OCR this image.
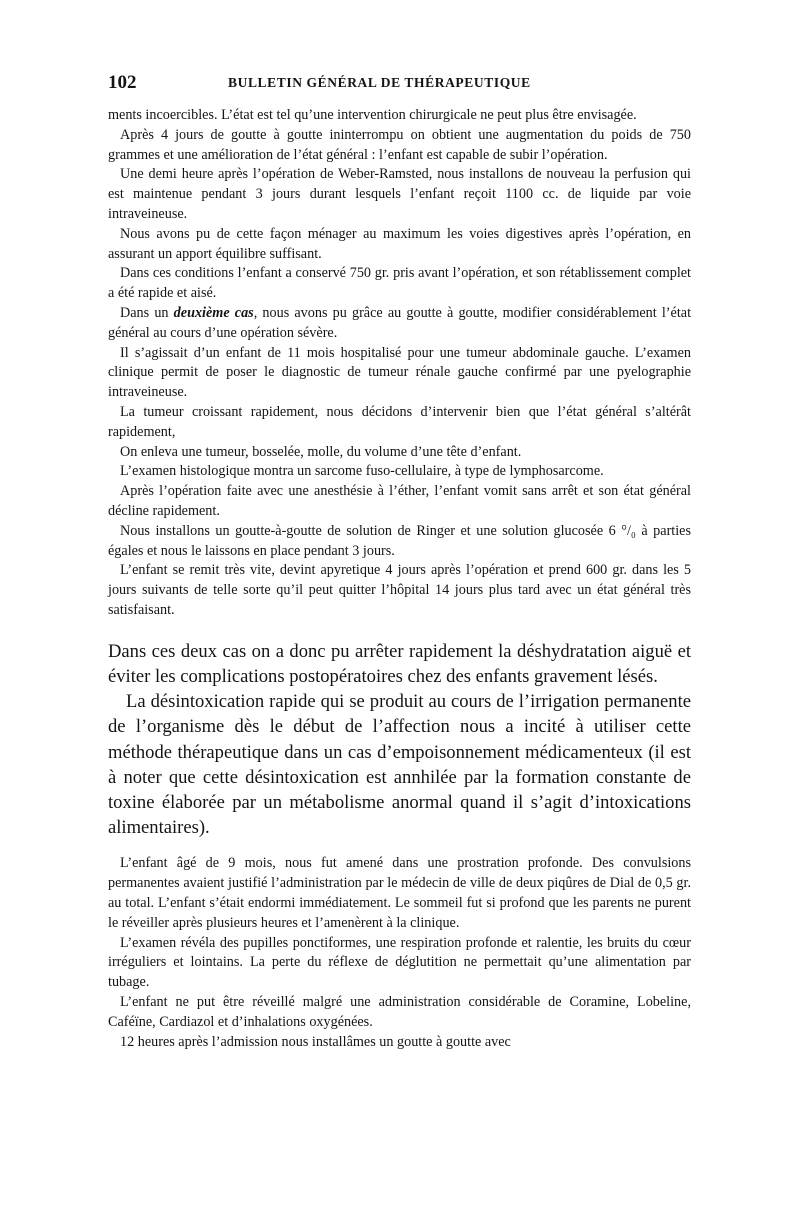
102	BULLETIN GÉNÉRAL DE THÉRAPEUTIQUE

ments incoercibles. L’état est tel qu’une intervention chirurgicale ne peut plus être envisagée.

Après 4 jours de goutte à goutte ininterrompu on obtient une augmentation du poids de 750 grammes et une amélioration de l’état général : l’enfant est capable de subir l’opération.

Une demi heure après l’opération de Weber-Ramsted, nous installons de nouveau la perfusion qui est maintenue pendant 3 jours durant lesquels l’enfant reçoit 1100 cc. de liquide par voie intraveineuse.

Nous avons pu de cette façon ménager au maximum les voies digestives après l’opération, en assurant un apport équilibre suffisant.

Dans ces conditions l’enfant a conservé 750 gr. pris avant l’opération, et son rétablissement complet a été rapide et aisé.

Dans un deuxième cas, nous avons pu grâce au goutte à goutte, modifier considérablement l’état général au cours d’une opération sévère.

Il s’agissait d’un enfant de 11 mois hospitalisé pour une tumeur abdominale gauche. L’examen clinique permit de poser le diagnostic de tumeur rénale gauche confirmé par une pyelographie intraveineuse.

La tumeur croissant rapidement, nous décidons d’intervenir bien que l’état général s’altérât rapidement,

On enleva une tumeur, bosselée, molle, du volume d’une tête d’enfant.

L’examen histologique montra un sarcome fuso-cellulaire, à type de lymphosarcome.

Après l’opération faite avec une anesthésie à l’éther, l’enfant vomit sans arrêt et son état général décline rapidement.

Nous installons un goutte-à-goutte de solution de Ringer et une solution glucosée 6 °/₀ à parties égales et nous le laissons en place pendant 3 jours.

L’enfant se remit très vite, devint apyretique 4 jours après l’opération et prend 600 gr. dans les 5 jours suivants de telle sorte qu’il peut quitter l’hôpital 14 jours plus tard avec un état général très satisfaisant.

Dans ces deux cas on a donc pu arrêter rapidement la déshydratation aiguë et éviter les complications postopératoires chez des enfants gravement lésés.

La désintoxication rapide qui se produit au cours de l’irrigation permanente de l’organisme dès le début de l’affection nous a incité à utiliser cette méthode thérapeutique dans un cas d’empoisonnement médicamenteux (il est à noter que cette désintoxication est annhilée par la formation constante de toxine élaborée par un métabolisme anormal quand il s’agit d’intoxications alimentaires).

L’enfant âgé de 9 mois, nous fut amené dans une prostration profonde. Des convulsions permanentes avaient justifié l’administration par le médecin de ville de deux piqûres de Dial de 0,5 gr. au total. L’enfant s’était endormi immédiatement. Le sommeil fut si profond que les parents ne purent le réveiller après plusieurs heures et l’amenèrent à la clinique.

L’examen révéla des pupilles ponctiformes, une respiration profonde et ralentie, les bruits du cœur irréguliers et lointains. La perte du réflexe de déglutition ne permettait qu’une alimentation par tubage.

L’enfant ne put être réveillé malgré une administration considérable de Coramine, Lobeline, Caféïne, Cardiazol et d’inhalations oxygénées.

12 heures après l’admission nous installâmes un goutte à goutte avec
